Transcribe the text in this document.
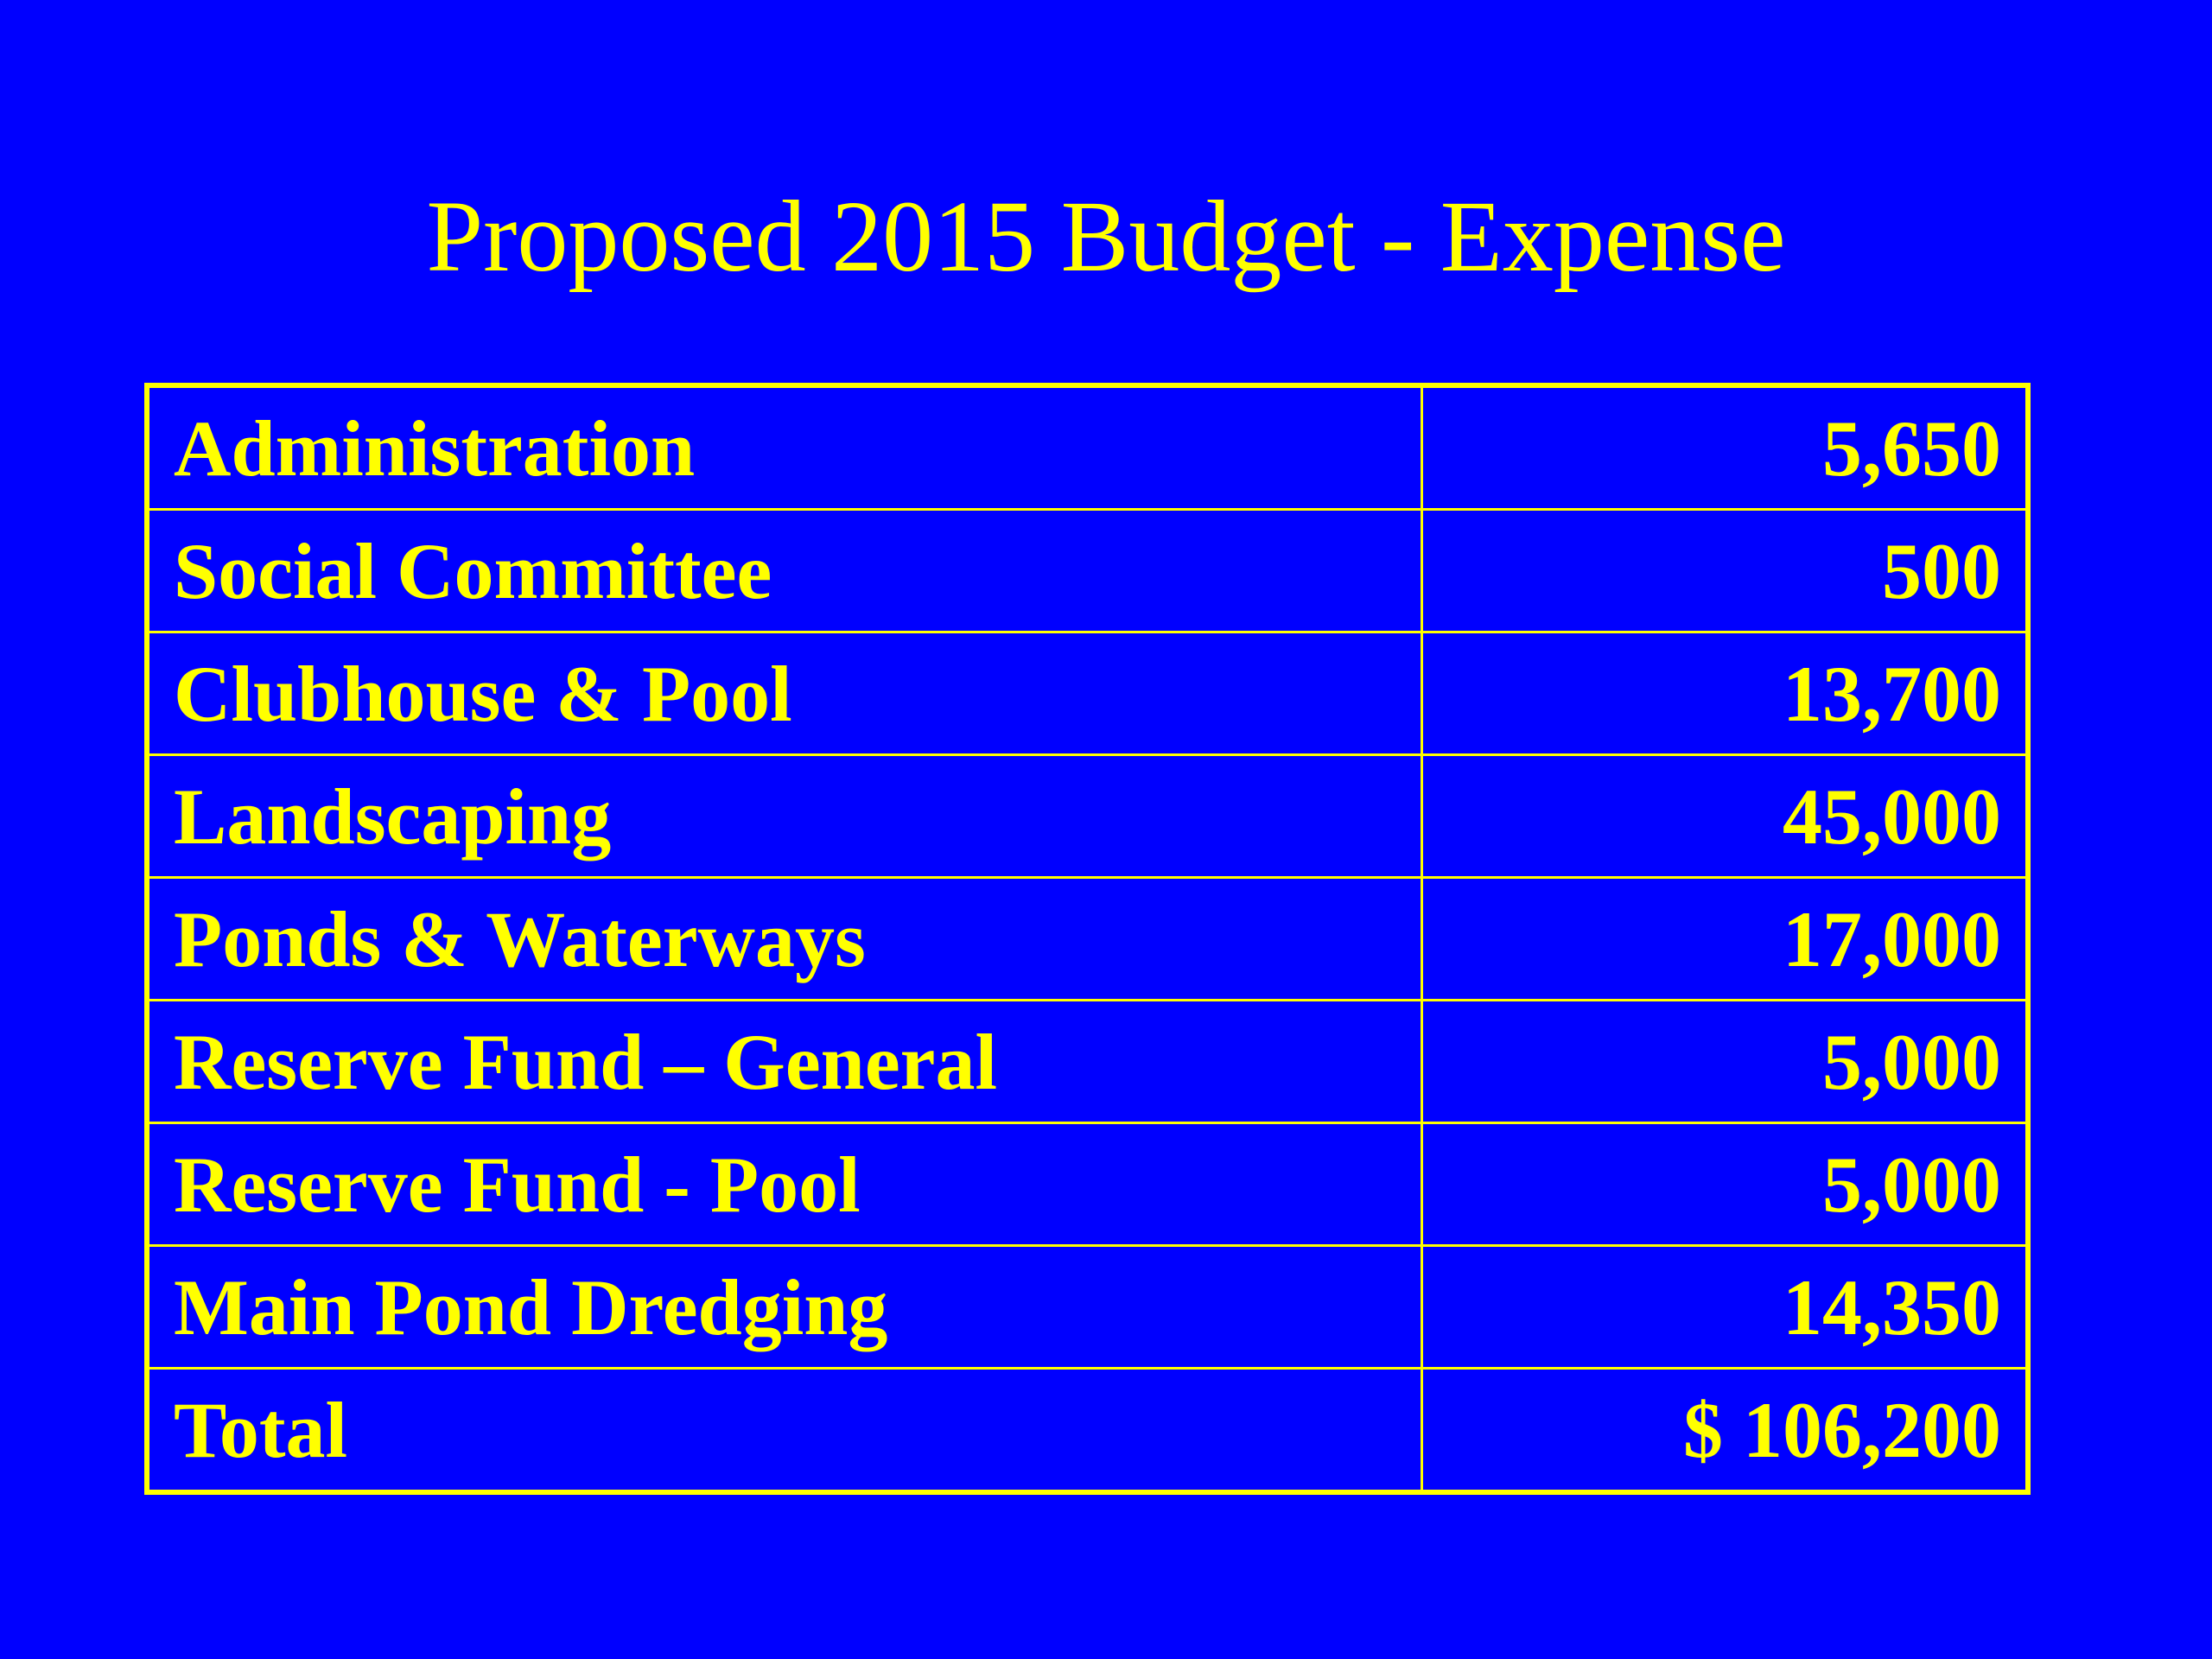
Proposed 2015 Budget - Expense
Administration	5,650
Social Committee	500
Clubhouse & Pool	13,700
Landscaping	45,000
Ponds & Waterways	17,000
Reserve Fund – General	5,000
Reserve Fund - Pool	5,000
Main Pond Dredging	14,350
Total	$ 106,200
